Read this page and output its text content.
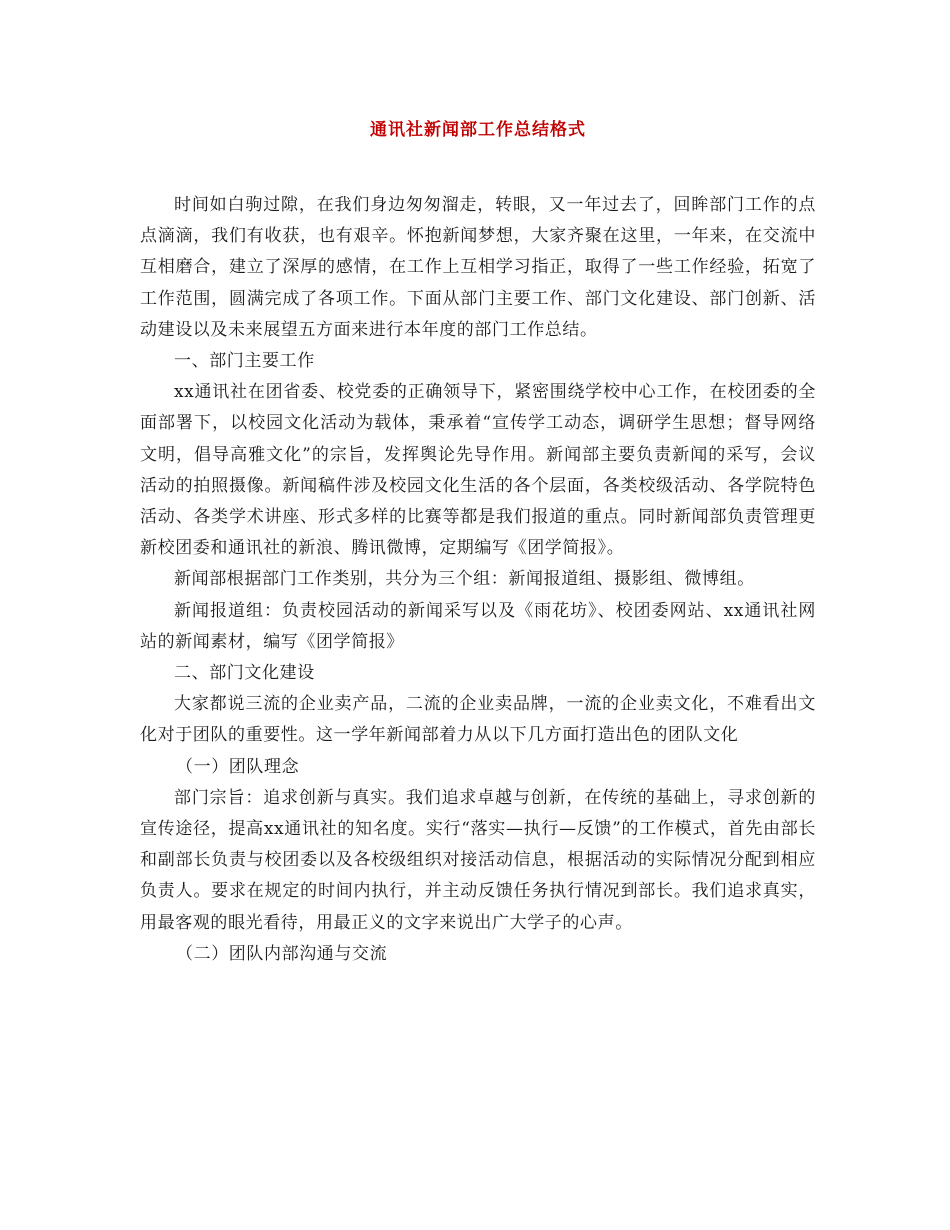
通讯社新闻部工作总结格式

时间如白驹过隙，在我们身边匆匆溜走，转眼，又一年过去了，回眸部门工作的点点滴滴，我们有收获，也有艰辛。怀抱新闻梦想，大家齐聚在这里，一年来，在交流中互相磨合，建立了深厚的感情，在工作上互相学习指正，取得了一些工作经验，拓宽了工作范围，圆满完成了各项工作。下面从部门主要工作、部门文化建设、部门创新、活动建设以及未来展望五方面来进行本年度的部门工作总结。

一、部门主要工作

xx通讯社在团省委、校党委的正确领导下，紧密围绕学校中心工作，在校团委的全面部署下，以校园文化活动为载体，秉承着“宣传学工动态，调研学生思想；督导网络文明，倡导高雅文化”的宗旨，发挥舆论先导作用。新闻部主要负责新闻的采写，会议活动的拍照摄像。新闻稿件涉及校园文化生活的各个层面，各类校级活动、各学院特色活动、各类学术讲座、形式多样的比赛等都是我们报道的重点。同时新闻部负责管理更新校团委和通讯社的新浪、腾讯微博，定期编写《团学简报》。

新闻部根据部门工作类别，共分为三个组：新闻报道组、摄影组、微博组。

新闻报道组：负责校园活动的新闻采写以及《雨花坊》、校团委网站、xx通讯社网站的新闻素材，编写《团学简报》

二、部门文化建设

大家都说三流的企业卖产品，二流的企业卖品牌，一流的企业卖文化，不难看出文化对于团队的重要性。这一学年新闻部着力从以下几方面打造出色的团队文化

（一）团队理念

部门宗旨：追求创新与真实。我们追求卓越与创新，在传统的基础上，寻求创新的宣传途径，提高xx通讯社的知名度。实行“落实—执行—反馈”的工作模式，首先由部长和副部长负责与校团委以及各校级组织对接活动信息，根据活动的实际情况分配到相应负责人。要求在规定的时间内执行，并主动反馈任务执行情况到部长。我们追求真实，用最客观的眼光看待，用最正义的文字来说出广大学子的心声。

（二）团队内部沟通与交流
